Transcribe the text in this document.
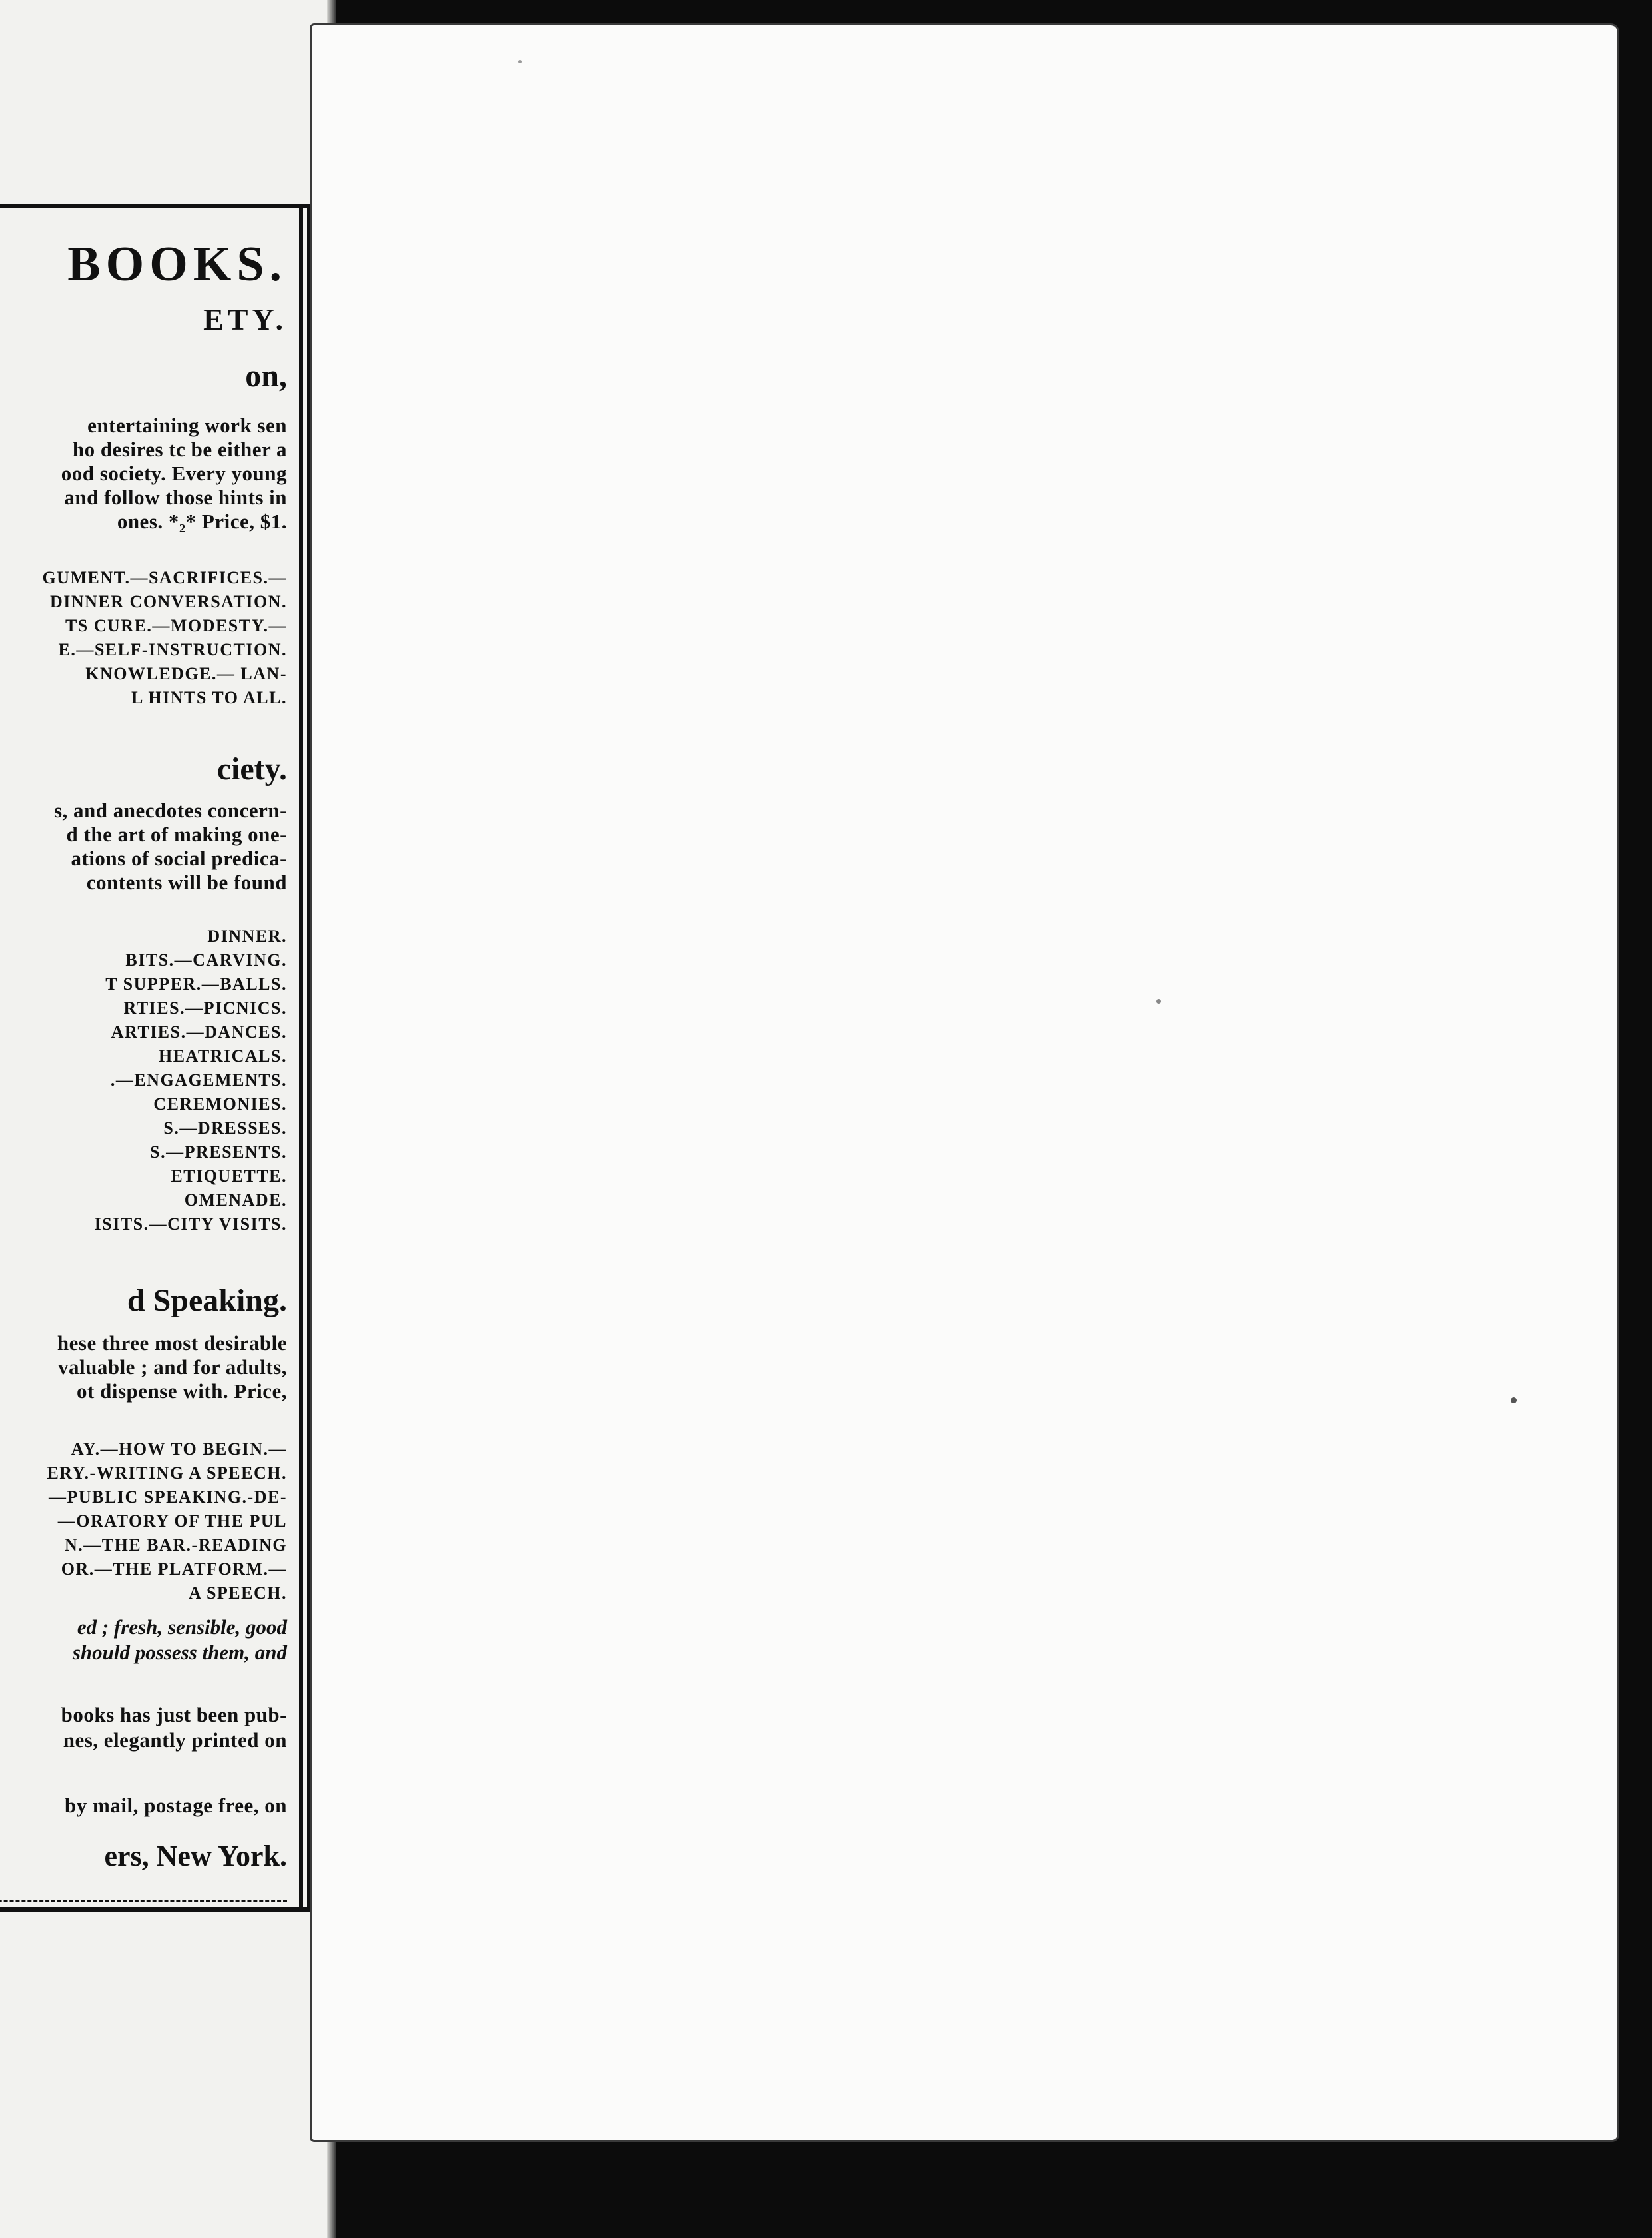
BOOKS.
ETY.
on,
entertaining work sen
ho desires tc be either a
ood society. Every young
and follow those hints in
ones. *₂* Price, $1.
GUMENT.—SACRIFICES.—
DINNER CONVERSATION.
TS CURE.—MODESTY.—
E.—SELF-INSTRUCTION.
KNOWLEDGE.— LAN-
L HINTS TO ALL.
ciety.
s, and anecdotes concern-
d the art of making one-
ations of social predica-
contents will be found
DINNER.
BITS.—CARVING.
T SUPPER.—BALLS.
RTIES.—PICNICS.
ARTIES.—DANCES.
HEATRICALS.
.—ENGAGEMENTS.
CEREMONIES.
S.—DRESSES.
S.—PRESENTS.
ETIQUETTE.
OMENADE.
ISITS.—CITY VISITS.
d Speaking.
hese three most desirable
valuable ; and for adults,
ot dispense with. Price,
AY.—HOW TO BEGIN.—
ERY.-WRITING A SPEECH.
—PUBLIC SPEAKING.-DE-
—ORATORY OF THE PUL
N.—THE BAR.-READING
OR.—THE PLATFORM.—
A SPEECH.
ed ; fresh, sensible, good
should possess them, and
books has just been pub-
nes, elegantly printed on
by mail, postage free, on
ers, New York.
